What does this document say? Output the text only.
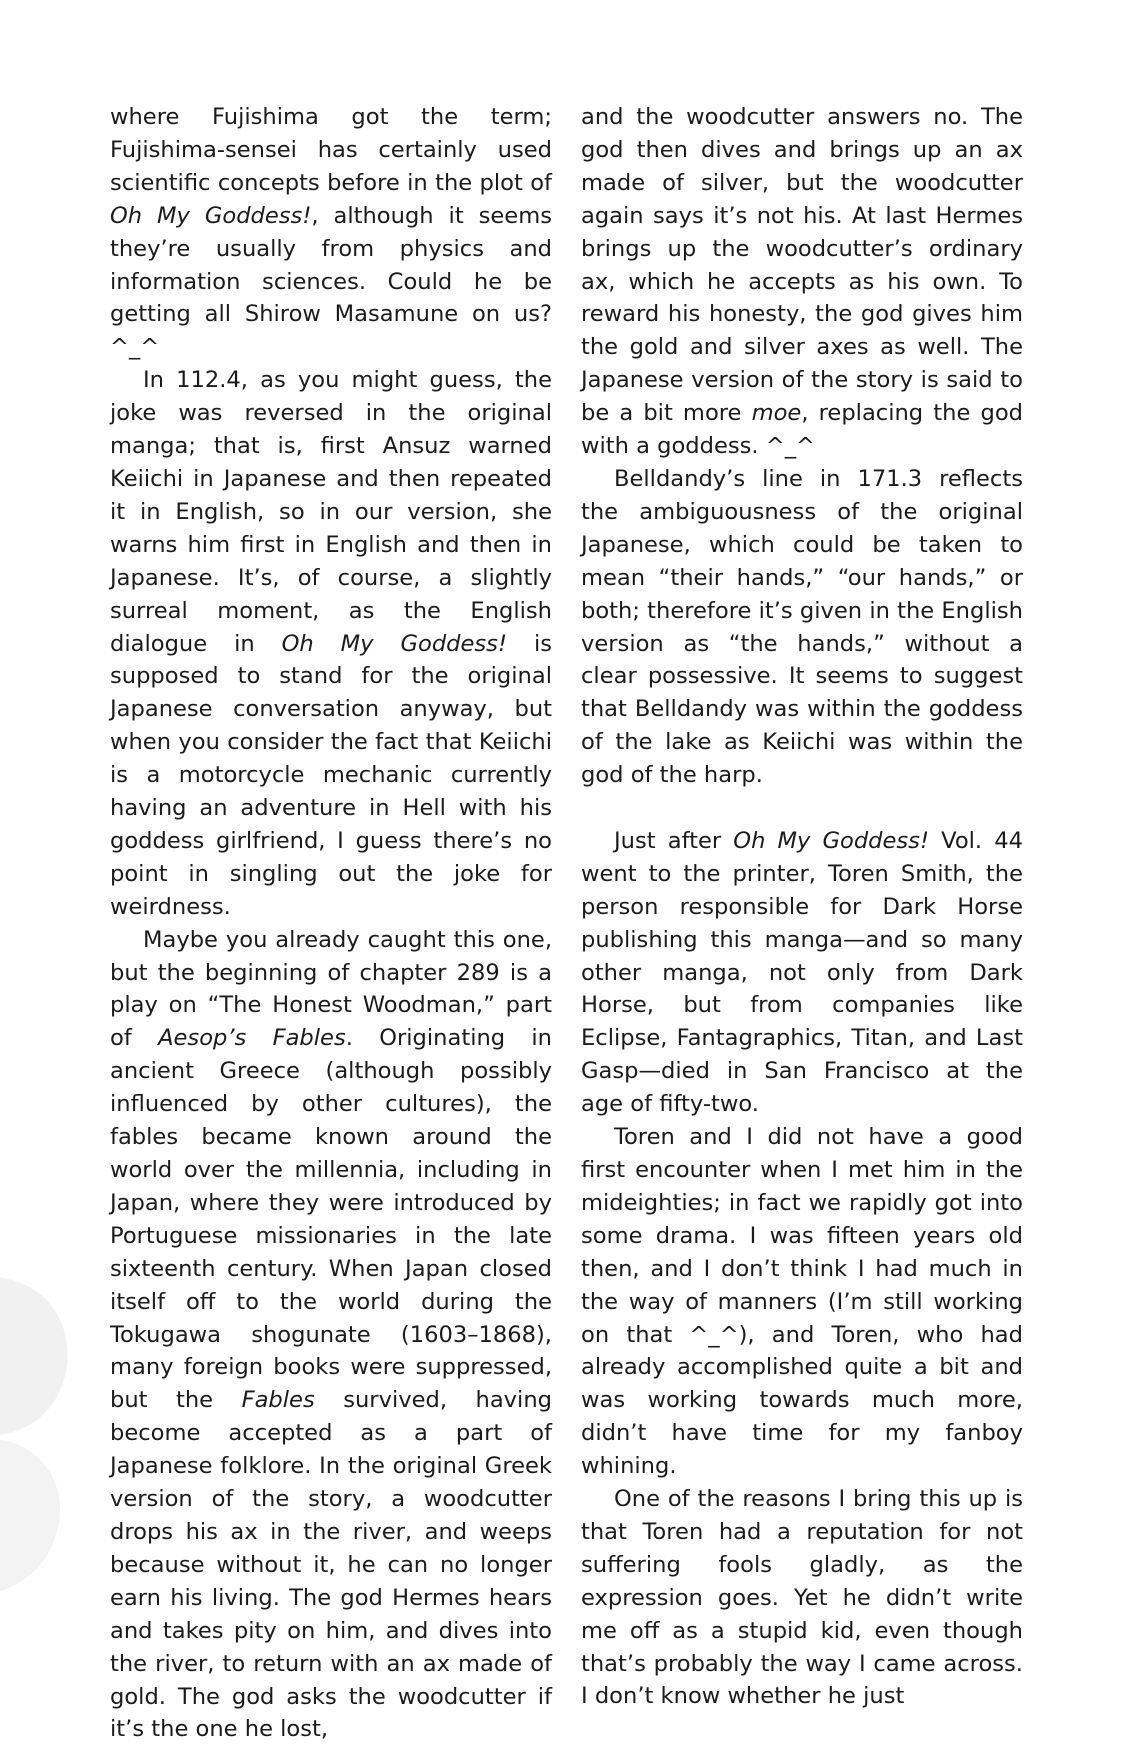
where Fujishima got the term; Fujishima-sensei has certainly used scientific concepts before in the plot of Oh My Goddess!, although it seems they’re usually from physics and information sciences. Could he be getting all Shirow Masamune on us? ^_^

In 112.4, as you might guess, the joke was reversed in the original manga; that is, first Ansuz warned Keiichi in Japanese and then repeated it in English, so in our version, she warns him first in English and then in Japanese. It’s, of course, a slightly surreal moment, as the English dialogue in Oh My Goddess! is supposed to stand for the original Japanese conversation anyway, but when you consider the fact that Keiichi is a motorcycle mechanic currently having an adventure in Hell with his goddess girlfriend, I guess there’s no point in singling out the joke for weirdness.

Maybe you already caught this one, but the beginning of chapter 289 is a play on “The Honest Woodman,” part of Aesop’s Fables. Originating in ancient Greece (although possibly influenced by other cultures), the fables became known around the world over the millennia, including in Japan, where they were introduced by Portuguese missionaries in the late sixteenth century. When Japan closed itself off to the world during the Tokugawa shogunate (1603–1868), many foreign books were suppressed, but the Fables survived, having become accepted as a part of Japanese folklore. In the original Greek version of the story, a woodcutter drops his ax in the river, and weeps because without it, he can no longer earn his living. The god Hermes hears and takes pity on him, and dives into the river, to return with an ax made of gold. The god asks the woodcutter if it’s the one he lost,

and the woodcutter answers no. The god then dives and brings up an ax made of silver, but the woodcutter again says it’s not his. At last Hermes brings up the woodcutter’s ordinary ax, which he accepts as his own. To reward his honesty, the god gives him the gold and silver axes as well. The Japanese version of the story is said to be a bit more moe, replacing the god with a goddess. ^_^

Belldandy’s line in 171.3 reflects the ambiguousness of the original Japanese, which could be taken to mean “their hands,” “our hands,” or both; therefore it’s given in the English version as “the hands,” without a clear possessive. It seems to suggest that Belldandy was within the goddess of the lake as Keiichi was within the god of the harp.

Just after Oh My Goddess! Vol. 44 went to the printer, Toren Smith, the person responsible for Dark Horse publishing this manga—and so many other manga, not only from Dark Horse, but from companies like Eclipse, Fantagraphics, Titan, and Last Gasp—died in San Francisco at the age of fifty-two.

Toren and I did not have a good first encounter when I met him in the mideighties; in fact we rapidly got into some drama. I was fifteen years old then, and I don’t think I had much in the way of manners (I’m still working on that ^_^), and Toren, who had already accomplished quite a bit and was working towards much more, didn’t have time for my fanboy whining.

One of the reasons I bring this up is that Toren had a reputation for not suffering fools gladly, as the expression goes. Yet he didn’t write me off as a stupid kid, even though that’s probably the way I came across. I don’t know whether he just
